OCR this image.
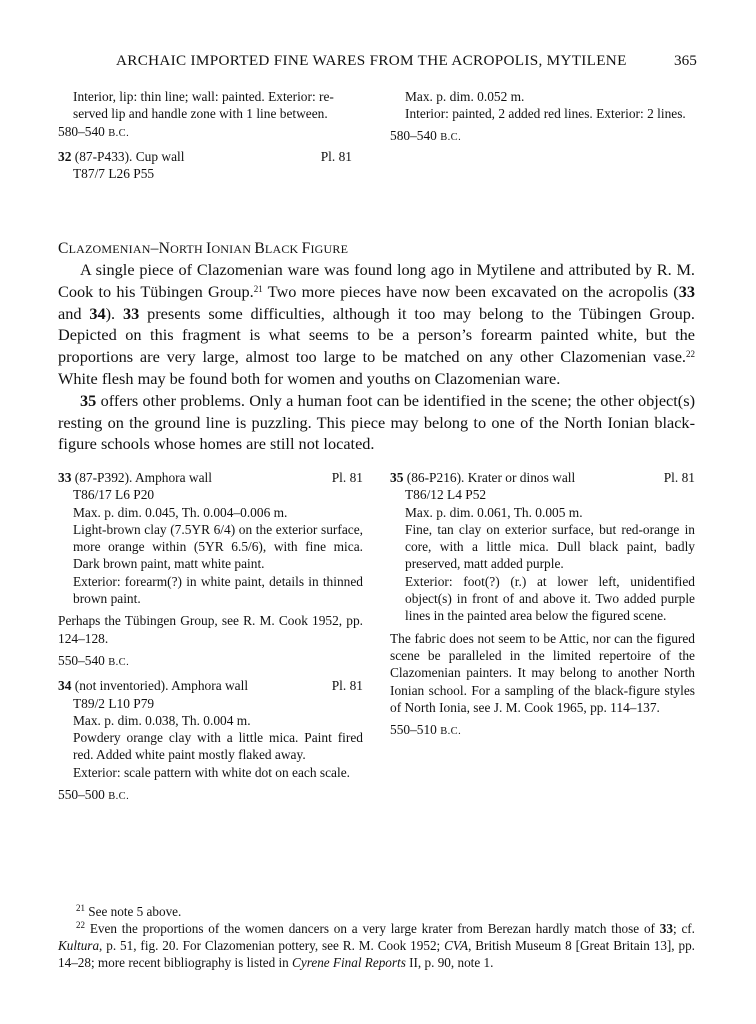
ARCHAIC IMPORTED FINE WARES FROM THE ACROPOLIS, MYTILENE	365

Interior, lip: thin line; wall: painted. Exterior: re-

served lip and handle zone with 1 line between.

580–540 B.C.

32 (87-P433). Cup wall	Pl. 81

T87/7 L26 P55

Max. p. dim. 0.052 m.

Interior: painted, 2 added red lines. Exterior: 2 lines.

580–540 B.C.

CLAZOMENIAN–NORTH IONIAN BLACK FIGURE

A single piece of Clazomenian ware was found long ago in Mytilene and attributed by R. M. Cook to his Tübingen Group.$^{21}$ Two more pieces have now been excavated on the acropolis (33 and 34). 33 presents some difficulties, although it too may belong to the Tübingen Group. Depicted on this fragment is what seems to be a person’s forearm painted white, but the proportions are very large, almost too large to be matched on any other Clazomenian vase.$^{22}$ White flesh may be found both for women and youths on Clazomenian ware.

35 offers other problems. Only a human foot can be identified in the scene; the other object(s) resting on the ground line is puzzling. This piece may belong to one of the North Ionian black-figure schools whose homes are still not located.

33 (87-P392). Amphora wall	Pl. 81

T86/17 L6 P20

Max. p. dim. 0.045, Th. 0.004–0.006 m.

Light-brown clay (7.5YR 6/4) on the exterior surface, more orange within (5YR 6.5/6), with fine mica. Dark brown paint, matt white paint.

Exterior: forearm(?) in white paint, details in thinned brown paint.

Perhaps the Tübingen Group, see R. M. Cook 1952, pp. 124–128.

550–540 B.C.

34 (not inventoried). Amphora wall	Pl. 81

T89/2 L10 P79

Max. p. dim. 0.038, Th. 0.004 m.

Powdery orange clay with a little mica. Paint fired red. Added white paint mostly flaked away.

Exterior: scale pattern with white dot on each scale.

550–500 B.C.

35 (86-P216). Krater or dinos wall	Pl. 81

T86/12 L4 P52

Max. p. dim. 0.061, Th. 0.005 m.

Fine, tan clay on exterior surface, but red-orange in core, with a little mica. Dull black paint, badly preserved, matt added purple.

Exterior: foot(?) (r.) at lower left, unidentified object(s) in front of and above it. Two added purple lines in the painted area below the figured scene.

The fabric does not seem to be Attic, nor can the figured scene be paralleled in the limited repertoire of the Clazomenian painters. It may belong to another North Ionian school. For a sampling of the black-figure styles of North Ionia, see J. M. Cook 1965, pp. 114–137.

550–510 B.C.

$^{21}$ See note 5 above.

$^{22}$ Even the proportions of the women dancers on a very large krater from Berezan hardly match those of 33; cf. Kultura, p. 51, fig. 20. For Clazomenian pottery, see R. M. Cook 1952; CVA, British Museum 8 [Great Britain 13], pp. 14–28; more recent bibliography is listed in Cyrene Final Reports II, p. 90, note 1.
